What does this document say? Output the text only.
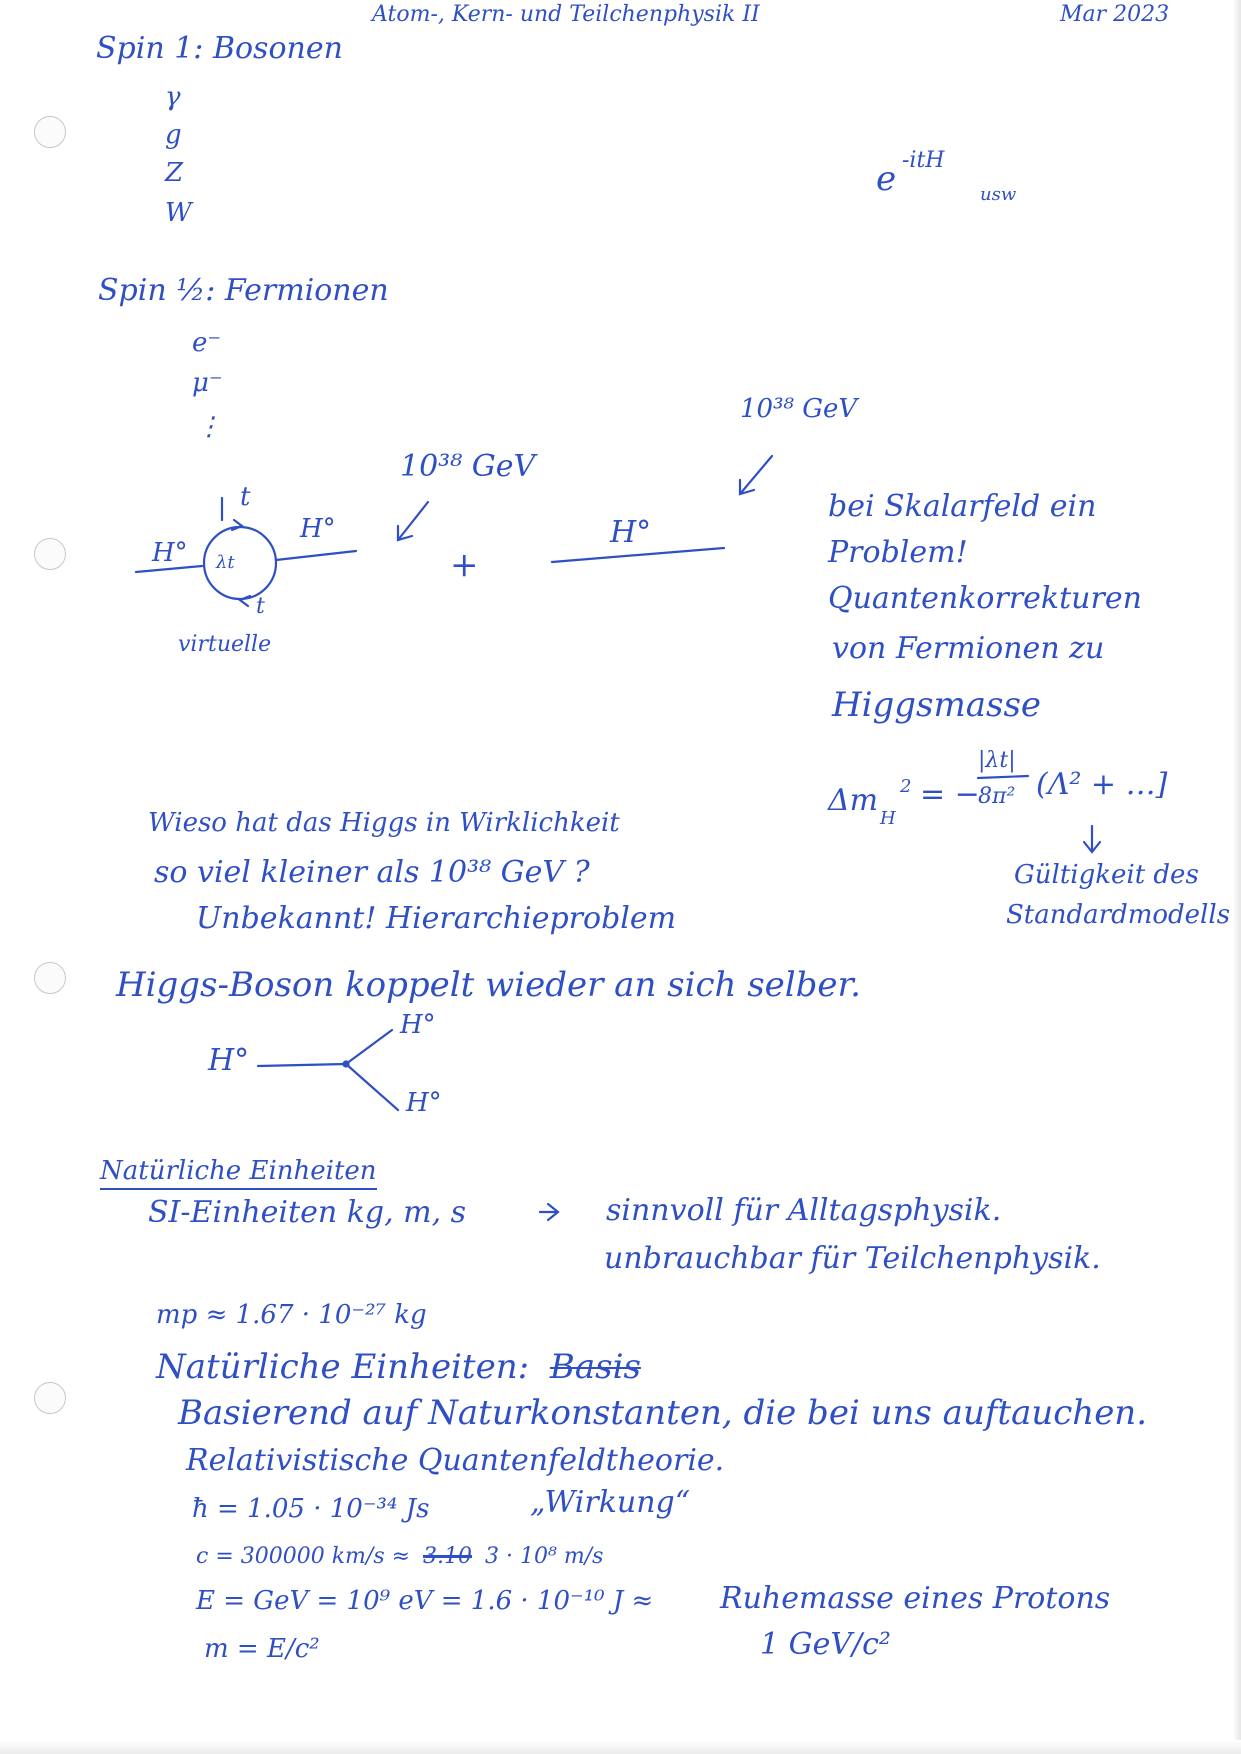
Atom-, Kern- und Teilchenphysik II	Mar 2023
Spin 1: Bosonen
γ
g
Z
W
e -itH
usw
Spin ½: Fermionen
e⁻
μ⁻
⋮
H°
H°
t
λt
t
virtuelle
10³⁸ GeV
+
H°
10³⁸ GeV
bei Skalarfeld ein
Problem!
Quantenkorrekturen
von Fermionen zu
Higgsmasse
Δm
H
2 = −
|λt|
8π² (Λ² + …]
Gültigkeit des
Standardmodells
Wieso hat das Higgs in Wirklichkeit
so viel kleiner als 10³⁸ GeV ?
Unbekannt! Hierarchieproblem
Higgs-Boson koppelt wieder an sich selber.
H°
H°
H°
Natürliche Einheiten
SI-Einheiten kg, m, s	sinnvoll für Alltagsphysik.
unbrauchbar für Teilchenphysik.
mp ≈ 1.67 · 10⁻²⁷ kg
Natürliche Einheiten: Basis
Basierend auf Naturkonstanten, die bei uns auftauchen.
Relativistische Quantenfeldtheorie.
ħ = 1.05 · 10⁻³⁴ Js	„Wirkung“
c = 300000 km/s ≈ 3.10 3 · 10⁸ m/s
E = GeV = 10⁹ eV = 1.6 · 10⁻¹⁰ J ≈ Ruhemasse eines Protons
1 GeV/c²
m = E/c²
